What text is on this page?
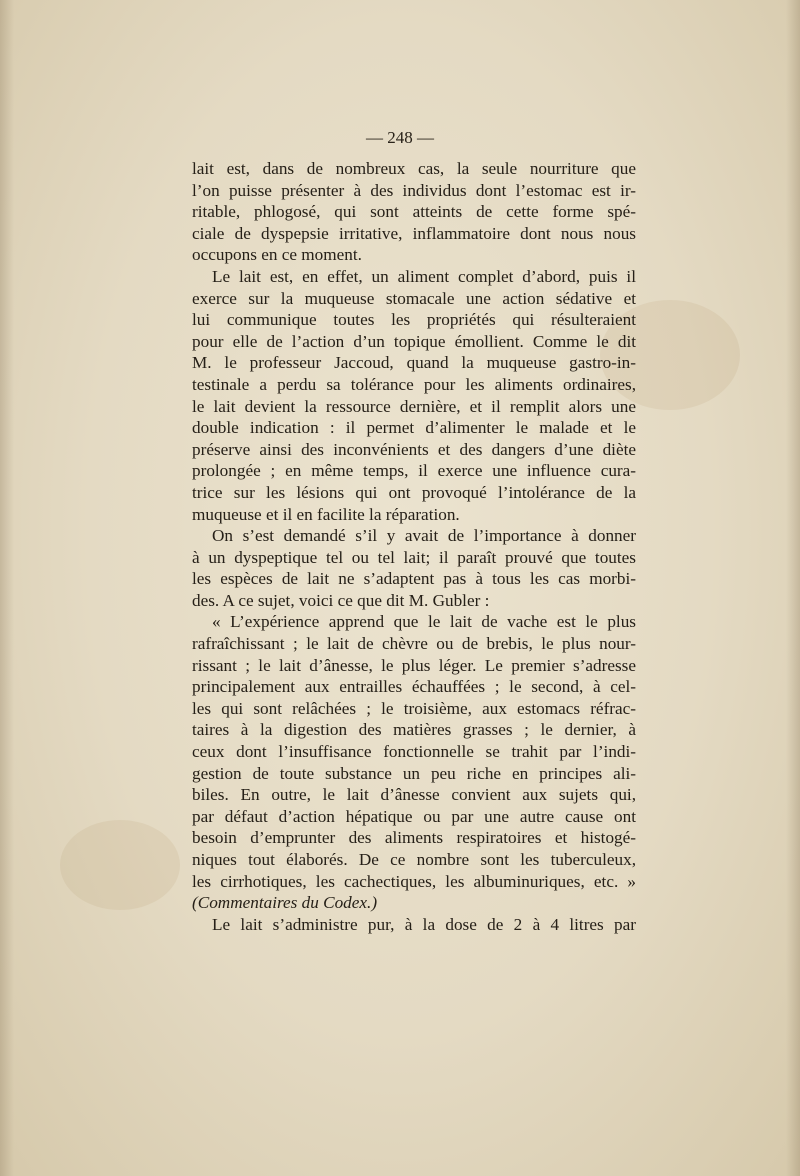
— 248 —

lait est, dans de nombreux cas, la seule nourriture que
l’on puisse présenter à des individus dont l’estomac est ir-
ritable, phlogosé, qui sont atteints de cette forme spé-
ciale de dyspepsie irritative, inflammatoire dont nous nous
occupons en ce moment.

Le lait est, en effet, un aliment complet d’abord, puis il
exerce sur la muqueuse stomacale une action sédative et
lui communique toutes les propriétés qui résulteraient
pour elle de l’action d’un topique émollient. Comme le dit
M. le professeur Jaccoud, quand la muqueuse gastro-in-
testinale a perdu sa tolérance pour les aliments ordinaires,
le lait devient la ressource dernière, et il remplit alors une
double indication : il permet d’alimenter le malade et le
préserve ainsi des inconvénients et des dangers d’une diète
prolongée ; en même temps, il exerce une influence cura-
trice sur les lésions qui ont provoqué l’intolérance de la
muqueuse et il en facilite la réparation.

On s’est demandé s’il y avait de l’importance à donner
à un dyspeptique tel ou tel lait; il paraît prouvé que toutes
les espèces de lait ne s’adaptent pas à tous les cas morbi-
des. A ce sujet, voici ce que dit M. Gubler :

« L’expérience apprend que le lait de vache est le plus
rafraîchissant ; le lait de chèvre ou de brebis, le plus nour-
rissant ; le lait d’ânesse, le plus léger. Le premier s’adresse
principalement aux entrailles échauffées ; le second, à cel-
les qui sont relâchées ; le troisième, aux estomacs réfrac-
taires à la digestion des matières grasses ; le dernier, à
ceux dont l’insuffisance fonctionnelle se trahit par l’indi-
gestion de toute substance un peu riche en principes ali-
biles. En outre, le lait d’ânesse convient aux sujets qui,
par défaut d’action hépatique ou par une autre cause ont
besoin d’emprunter des aliments respiratoires et histogé-
niques tout élaborés. De ce nombre sont les tuberculeux,
les cirrhotiques, les cachectiques, les albuminuriques, etc. »
(Commentaires du Codex.)

Le lait s’administre pur, à la dose de 2 à 4 litres par
